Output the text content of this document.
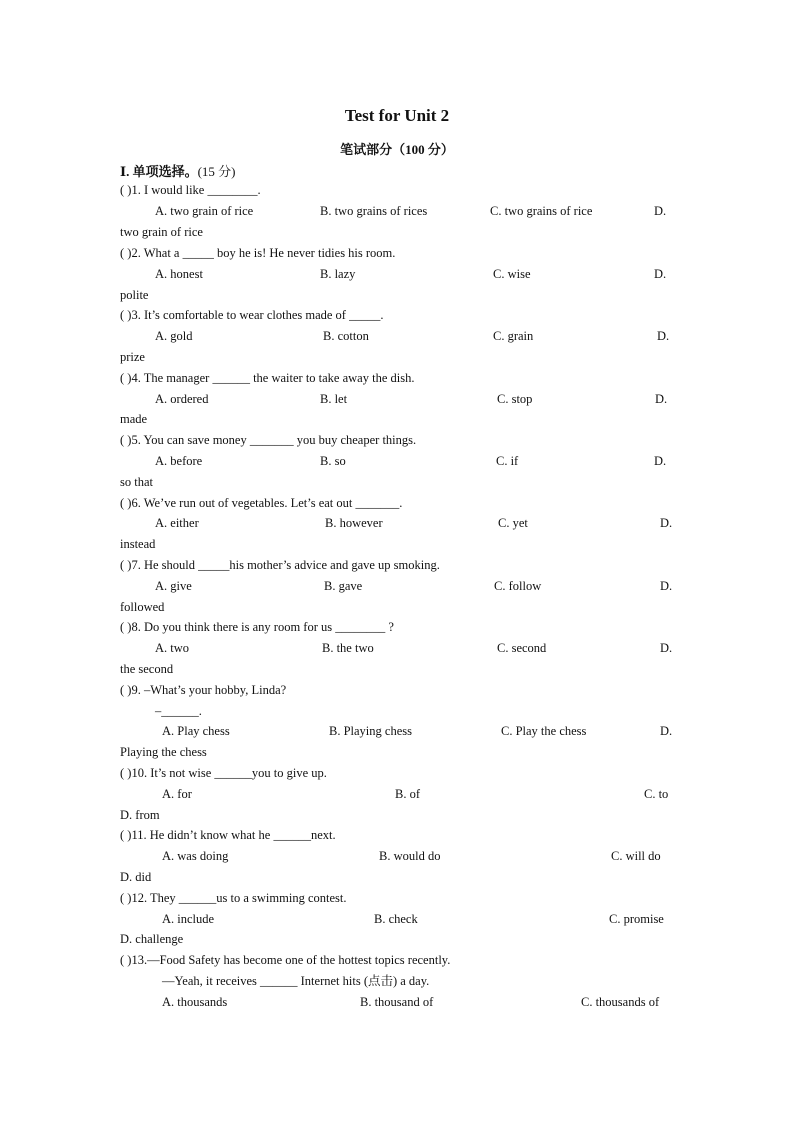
Test for Unit 2
笔试部分（100 分）
Ⅰ. 单项选择。(15 分)
( )1. I would like ________.
A. two grain of rice	B. two grains of rices	C. two grains of rice	D.
two grain of rice
( )2. What a _____ boy he is! He never tidies his room.
A. honest	B. lazy	C. wise	D.
polite
( )3. It’s comfortable to wear clothes made of _____.
A. gold	B. cotton	C. grain	D.
prize
( )4. The manager ______ the waiter to take away the dish.
A. ordered	B. let	C. stop	D.
made
( )5. You can save money _______ you buy cheaper things.
A. before	B. so	C. if	D.
so that
( )6. We’ve run out of vegetables. Let’s eat out _______.
A. either	B. however	C. yet	D.
instead
( )7. He should _____his mother’s advice and gave up smoking.
A. give	B. gave	C. follow	D.
followed
( )8. Do you think there is any room for us ________ ?
A. two	B. the two	C. second	D.
the second
( )9. –What’s your hobby, Linda?
–______.
A. Play chess	B. Playing chess	C. Play the chess	D.
Playing the chess
( )10. It’s not wise ______you to give up.
A. for	B. of	C. to
D. from
( )11. He didn’t know what he ______next.
A. was doing	B. would do	C. will do
D. did
( )12. They ______us to a swimming contest.
A. include	B. check	C. promise
D. challenge
( )13.—Food Safety has become one of the hottest topics recently.
—Yeah, it receives ______ Internet hits (点击) a day.
A. thousands	B. thousand of	C. thousands of
